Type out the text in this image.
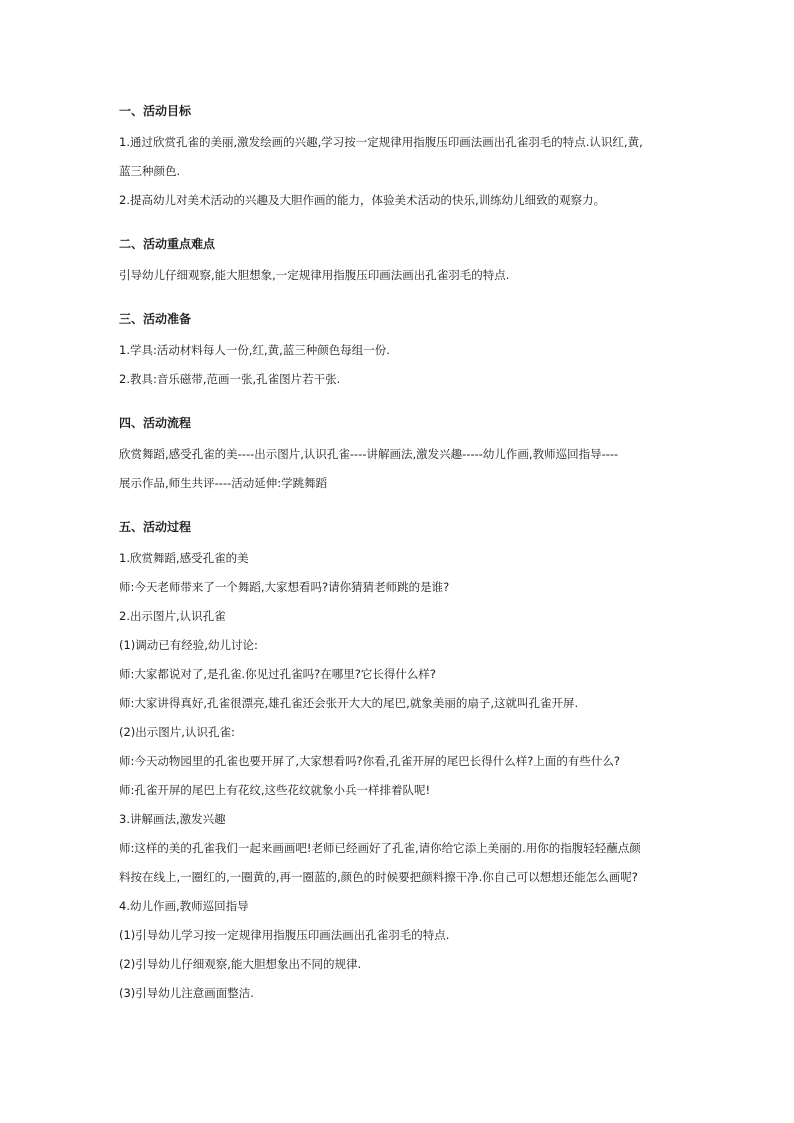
一、活动目标

1.通过欣赏孔雀的美丽,激发绘画的兴趣,学习按一定规律用指腹压印画法画出孔雀羽毛的特点.认识红,黄,

蓝三种颜色.

2.提高幼儿对美术活动的兴趣及大胆作画的能力，体验美术活动的快乐,训练幼儿细致的观察力。

二、活动重点难点

引导幼儿仔细观察,能大胆想象,一定规律用指腹压印画法画出孔雀羽毛的特点.

三、活动准备

1.学具:活动材料每人一份,红,黄,蓝三种颜色每组一份.

2.教具:音乐磁带,范画一张,孔雀图片若干张.

四、活动流程

欣赏舞蹈,感受孔雀的美----出示图片,认识孔雀----讲解画法,激发兴趣-----幼儿作画,教师巡回指导----

展示作品,师生共评----活动延伸:学跳舞蹈

五、活动过程

1.欣赏舞蹈,感受孔雀的美

师:今天老师带来了一个舞蹈,大家想看吗?请你猜猜老师跳的是谁?

2.出示图片,认识孔雀

(1)调动已有经验,幼儿讨论:

师:大家都说对了,是孔雀.你见过孔雀吗?在哪里?它长得什么样?

师:大家讲得真好,孔雀很漂亮,雄孔雀还会张开大大的尾巴,就象美丽的扇子,这就叫孔雀开屏.

(2)出示图片,认识孔雀:

师:今天动物园里的孔雀也要开屏了,大家想看吗?你看,孔雀开屏的尾巴长得什么样?上面的有些什么?

师:孔雀开屏的尾巴上有花纹,这些花纹就象小兵一样排着队呢!

3.讲解画法,激发兴趣

师:这样的美的孔雀我们一起来画画吧!老师已经画好了孔雀,请你给它添上美丽的.用你的指腹轻轻蘸点颜

料按在线上,一圈红的,一圈黄的,再一圈蓝的,颜色的时候要把颜料擦干净.你自己可以想想还能怎么画呢?

4.幼儿作画,教师巡回指导

(1)引导幼儿学习按一定规律用指腹压印画法画出孔雀羽毛的特点.

(2)引导幼儿仔细观察,能大胆想象出不同的规律.

(3)引导幼儿注意画面整洁.
